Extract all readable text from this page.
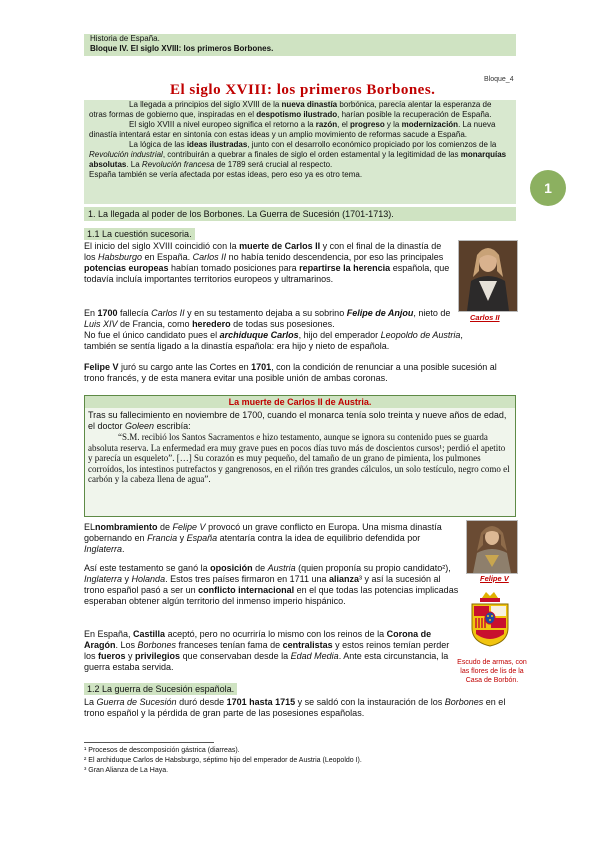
Historia de España.
Bloque IV. El siglo XVIII: los primeros Borbones.
Bloque_4
El siglo XVIII: los primeros Borbones.

La llegada a principios del siglo XVIII de la nueva dinastía borbónica, parecía alentar la esperanza de otras formas de gobierno que, inspiradas en el despotismo ilustrado, harían posible la recuperación de España.

El siglo XVIII a nivel europeo significa el retorno a la razón, el progreso y la modernización. La nueva dinastía intentará estar en sintonía con estas ideas y un amplio movimiento de reformas sacude a España.

La lógica de las ideas ilustradas, junto con el desarrollo económico propiciado por los comienzos de la Revolución industrial, contribuirán a quebrar a finales de siglo el orden estamental y la legitimidad de las monarquías absolutas. La Revolución francesa de 1789 será crucial al respecto.

España también se vería afectada por estas ideas, pero eso ya es otro tema.

1
1. La llegada al poder de los Borbones. La Guerra de Sucesión (1701-1713).
1.1 La cuestión sucesoria.
Carlos II
El inicio del siglo XVIII coincidió con la muerte de Carlos II y con el final de la dinastía de los Habsburgo en España. Carlos II no había tenido descendencia, por eso las principales potencias europeas habían tomado posiciones para repartirse la herencia española, que todavía incluía importantes territorios europeos y ultramarinos.
En 1700 fallecía Carlos II y en su testamento dejaba a su sobrino Felipe de Anjou, nieto de Luis XIV de Francia, como heredero de todas sus posesiones.
No fue el único candidato pues el archiduque Carlos, hijo del emperador Leopoldo de Austria, también se sentía ligado a la dinastía española: era hijo y nieto de española.
Felipe V juró su cargo ante las Cortes en 1701, con la condición de renunciar a una posible sucesión al trono francés, y de esta manera evitar una posible unión de ambas coronas.
La muerte de Carlos II de Austria.
Tras su fallecimiento en noviembre de 1700, cuando el monarca tenía solo treinta y nueve años de edad, el doctor Goleen escribía:
“S.M. recibió los Santos Sacramentos e hizo testamento, aunque se ignora su contenido pues se guarda absoluta reserva. La enfermedad era muy grave pues en pocos días tuvo más de doscientos cursos¹; perdió el apetito y parecía un esqueleto”. […] Su corazón es muy pequeño, del tamaño de un grano de pimienta, los pulmones corroídos, los intestinos putrefactos y gangrenosos, en el riñón tres grandes cálculos, un solo testículo, negro como el carbón y la cabeza llena de agua”.
Felipe V
ELnombramiento de Felipe V provocó un grave conflicto en Europa. Una misma dinastía gobernando en Francia y España atentaría contra la idea de equilibrio defendida por Inglaterra.
Así este testamento se ganó la oposición de Austria (quien proponía su propio candidato²), Inglaterra y Holanda. Estos tres países firmaron en 1711 una alianza³ y así la sucesión al trono español pasó a ser un conflicto internacional en el que todas las potencias implicadas esperaban obtener algún territorio del inmenso imperio hispánico.
Escudo de armas, con las flores de lis de la Casa de Borbón.
En España, Castilla aceptó, pero no ocurriría lo mismo con los reinos de la Corona de Aragón. Los Borbones franceses tenían fama de centralistas y estos reinos temían perder los fueros y privilegios que conservaban desde la Edad Media. Ante esta circunstancia, la guerra estaba servida.
1.2 La guerra de Sucesión española.
La Guerra de Sucesión duró desde 1701 hasta 1715 y se saldó con la instauración de los Borbones en el trono español y la pérdida de gran parte de las posesiones españolas.
¹ Procesos de descomposición gástrica (diarreas).
² El archiduque Carlos de Habsburgo, séptimo hijo del emperador de Austria (Leopoldo I).
³ Gran Alianza de La Haya.
